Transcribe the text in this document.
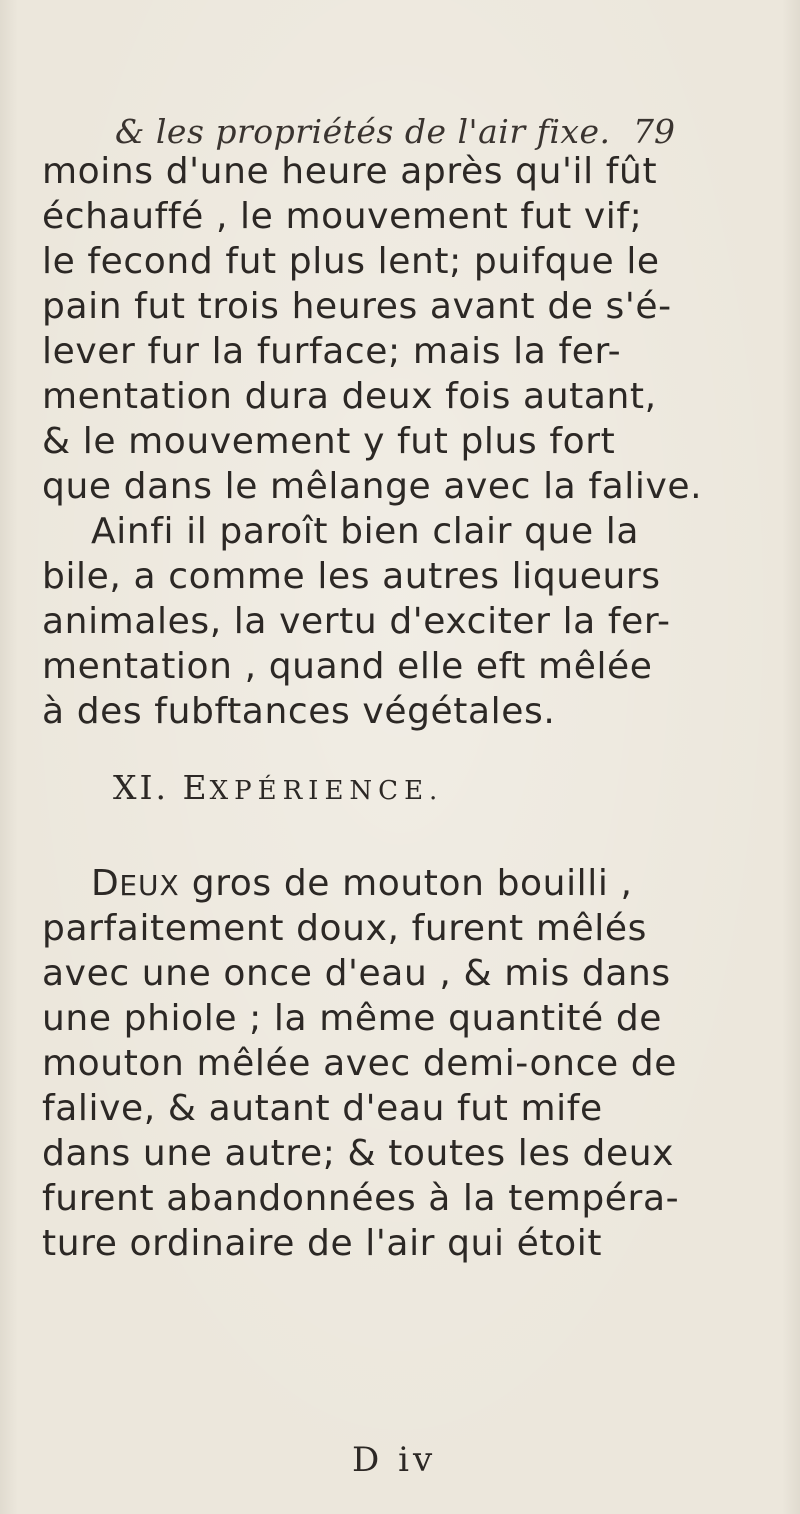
& les propriétés de l'air fixe. 79
moins d'une heure après qu'il fût
échauffé , le mouvement fut vif;
le fecond fut plus lent; puifque le
pain fut trois heures avant de s'é-
lever fur la furface; mais la fer-
mentation dura deux fois autant,
& le mouvement y fut plus fort
que dans le mêlange avec la falive.
Ainfi il paroît bien clair que la
bile, a comme les autres liqueurs
animales, la vertu d'exciter la fer-
mentation , quand elle eft mêlée
à des fubftances végétales.
DEUX gros de mouton bouilli ,
parfaitement doux, furent mêlés
avec une once d'eau , & mis dans
une phiole ; la même quantité de
mouton mêlée avec demi-once de
falive, & autant d'eau fut mife
dans une autre; & toutes les deux
furent abandonnées à la tempéra-
ture ordinaire de l'air qui étoit
XI. EXPÉRIENCE.
D iv
